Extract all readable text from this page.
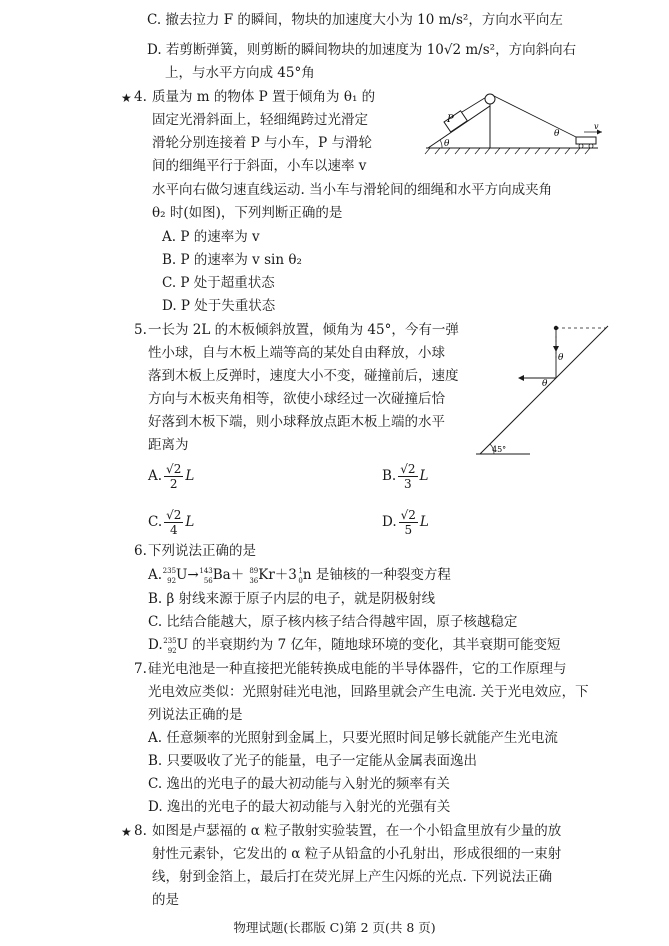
C. 撤去拉力 F 的瞬间，物块的加速度大小为 10 m/s²，方向水平向左

D. 若剪断弹簧，则剪断的瞬间物块的加速度为 10√2 m/s²，方向斜向右

上，与水平方向成 45°角

★ 4. 质量为 m 的物体 P 置于倾角为 θ₁ 的

固定光滑斜面上，轻细绳跨过光滑定

滑轮分别连接着 P 与小车，P 与滑轮

间的细绳平行于斜面，小车以速率 v

水平向右做匀速直线运动. 当小车与滑轮间的细绳和水平方向成夹角

θ₂ 时(如图)，下列判断正确的是

A. P 的速率为 v

B. P 的速率为 v sin θ₂

C. P 处于超重状态

D. P 处于失重状态

P
θ
θ
v
5. 一长为 2L 的木板倾斜放置，倾角为 45°，今有一弹

性小球，自与木板上端等高的某处自由释放，小球

落到木板上反弹时，速度大小不变，碰撞前后，速度

方向与木板夹角相等，欲使小球经过一次碰撞后恰

好落到木板下端，则小球释放点距木板上端的水平

距离为

A. $\frac{√2}{2}$ L	B. $\frac{√2}{3}$ L
C. $\frac{√2}{4}$ L	D. $\frac{√2}{5}$ L
θ
θ
45°
6. 下列说法正确的是

A. 235
92 U→ 143
56 Ba＋ 89
36 Kr＋3 1
0 n 是铀核的一种裂变方程

B. β 射线来源于原子内层的电子，就是阴极射线

C. 比结合能越大，原子核内核子结合得越牢固，原子核越稳定

D. 235
92 U 的半衰期约为 7 亿年，随地球环境的变化，其半衰期可能变短
7. 硅光电池是一种直接把光能转换成电能的半导体器件，它的工作原理与

光电效应类似：光照射硅光电池，回路里就会产生电流. 关于光电效应，下

列说法正确的是

A. 任意频率的光照射到金属上，只要光照时间足够长就能产生光电流

B. 只要吸收了光子的能量，电子一定能从金属表面逸出

C. 逸出的光电子的最大初动能与入射光的频率有关

D. 逸出的光电子的最大初动能与入射光的光强有关

★ 8. 如图是卢瑟福的 α 粒子散射实验装置，在一个小铅盒里放有少量的放

射性元素钋，它发出的 α 粒子从铅盒的小孔射出，形成很细的一束射

线，射到金箔上，最后打在荧光屏上产生闪烁的光点. 下列说法正确

的是

物理试题(长郡版 C)第 2 页(共 8 页)
